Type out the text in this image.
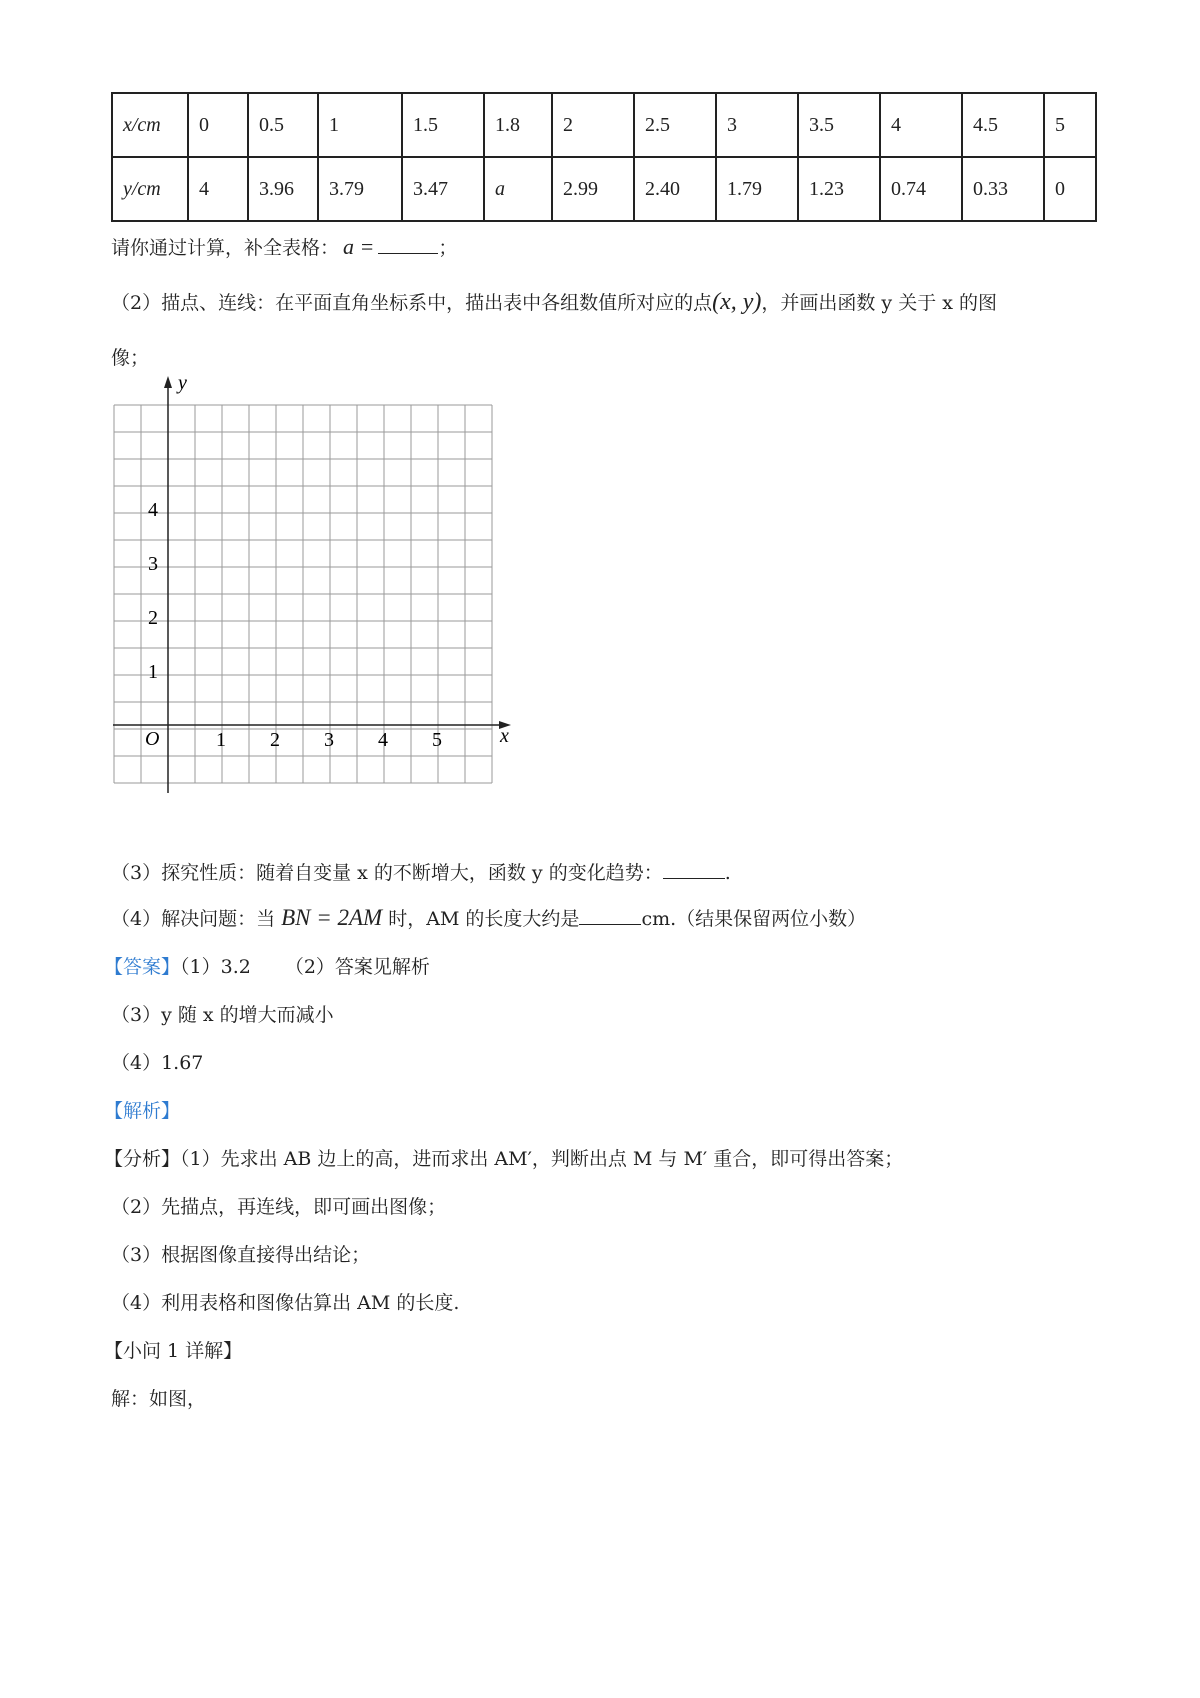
x/cm	0	0.5	1	1.5	1.8	2	2.5	3	3.5	4	4.5	5
y/cm	4	3.96	3.79	3.47	a	2.99	2.40	1.79	1.23	0.74	0.33	0
请你通过计算，补全表格： a =	；
（2）描点、连线：在平面直角坐标系中，描出表中各组数值所对应的点(x, y)，并画出函数 y 关于 x 的图
像；
y
x
O	1 2 3 4 5
1
2
3
4
（3）探究性质：随着自变量 x 的不断增大，函数 y 的变化趋势：	.
（4）解决问题：当 BN = 2AM 时，AM 的长度大约是	cm.（结果保留两位小数）
【答案】（1）3.2 （2）答案见解析
（3）y 随 x 的增大而减小
（4）1.67
【解析】
【分析】（1）先求出 AB 边上的高，进而求出 AM′，判断出点 M 与 M′ 重合，即可得出答案；
（2）先描点，再连线，即可画出图像；
（3）根据图像直接得出结论；
（4）利用表格和图像估算出 AM 的长度.
【小问 1 详解】
解：如图，
